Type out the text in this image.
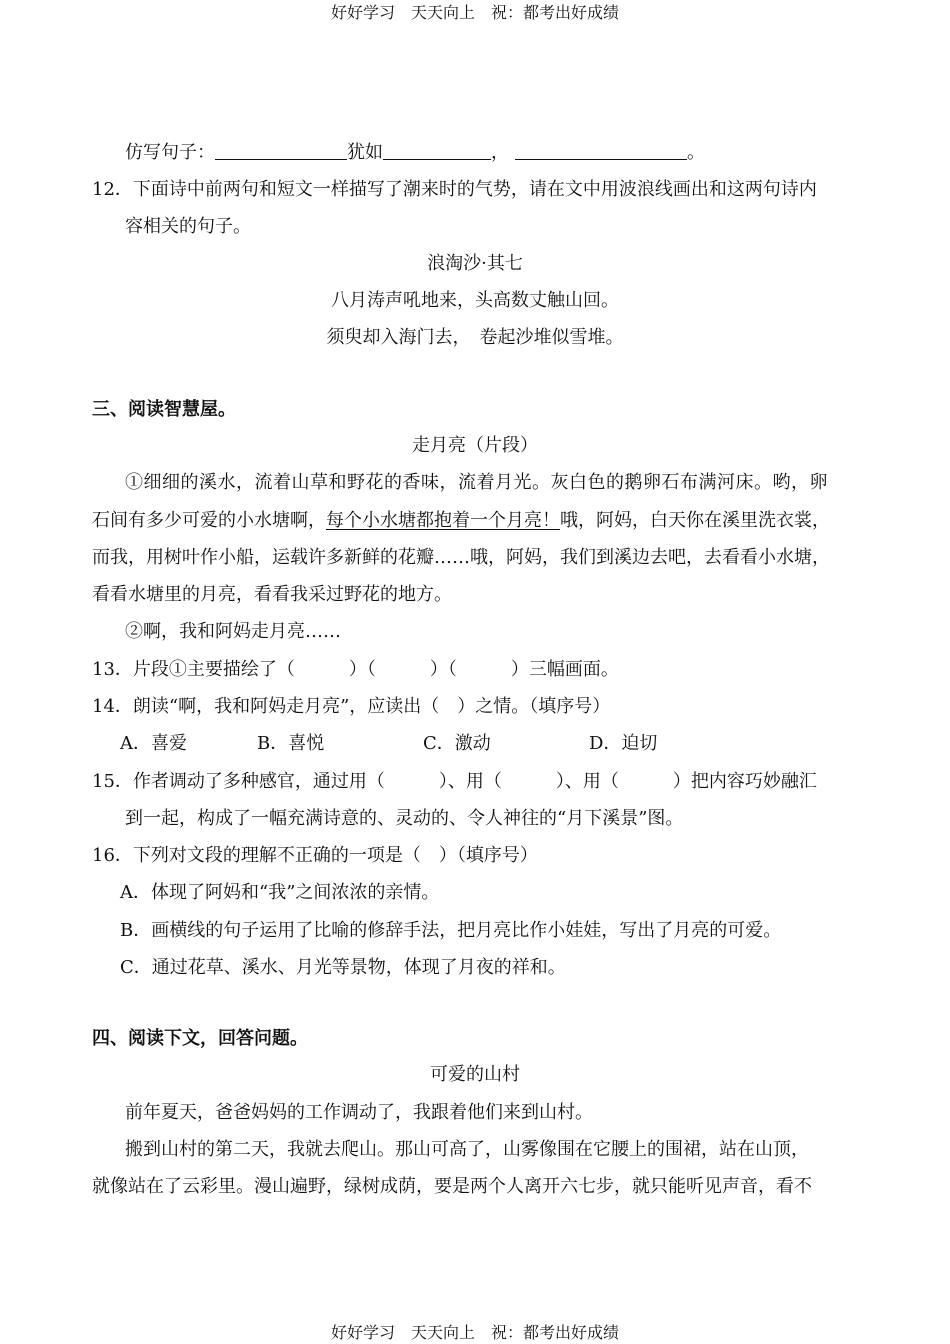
好好学习　天天向上　祝：都考出好成绩
仿写句子：	犹如	，	。
12．下面诗中前两句和短文一样描写了潮来时的气势，请在文中用波浪线画出和这两句诗内
容相关的句子。
浪淘沙·其七
八月涛声吼地来，头高数丈触山回。
须臾却入海门去，　卷起沙堆似雪堆。
三、阅读智慧屋。
走月亮（片段）
①细细的溪水，流着山草和野花的香味，流着月光。灰白色的鹅卵石布满河床。哟，卵
石间有多少可爱的小水塘啊，每个小水塘都抱着一个月亮！哦，阿妈，白天你在溪里洗衣裳，
而我，用树叶作小船，运载许多新鲜的花瓣……哦，阿妈，我们到溪边去吧，去看看小水塘，
看看水塘里的月亮，看看我采过野花的地方。
②啊，我和阿妈走月亮……
13．片段①主要描绘了（　　　）（　　　）（　　　）三幅画面。
14．朗读“啊，我和阿妈走月亮”，应读出（　）之情。（填序号）
A．喜爱	B．喜悦	C．激动	D．迫切
15．作者调动了多种感官，通过用（　　　）、用（　　　）、用（　　　）把内容巧妙融汇
到一起，构成了一幅充满诗意的、灵动的、令人神往的“月下溪景”图。
16．下列对文段的理解不正确的一项是（　）（填序号）
A．体现了阿妈和“我”之间浓浓的亲情。
B．画横线的句子运用了比喻的修辞手法，把月亮比作小娃娃，写出了月亮的可爱。
C．通过花草、溪水、月光等景物，体现了月夜的祥和。
四、阅读下文，回答问题。
可爱的山村
前年夏天，爸爸妈妈的工作调动了，我跟着他们来到山村。
搬到山村的第二天，我就去爬山。那山可高了，山雾像围在它腰上的围裙，站在山顶，
就像站在了云彩里。漫山遍野，绿树成荫，要是两个人离开六七步，就只能听见声音，看不
好好学习　天天向上　祝：都考出好成绩
